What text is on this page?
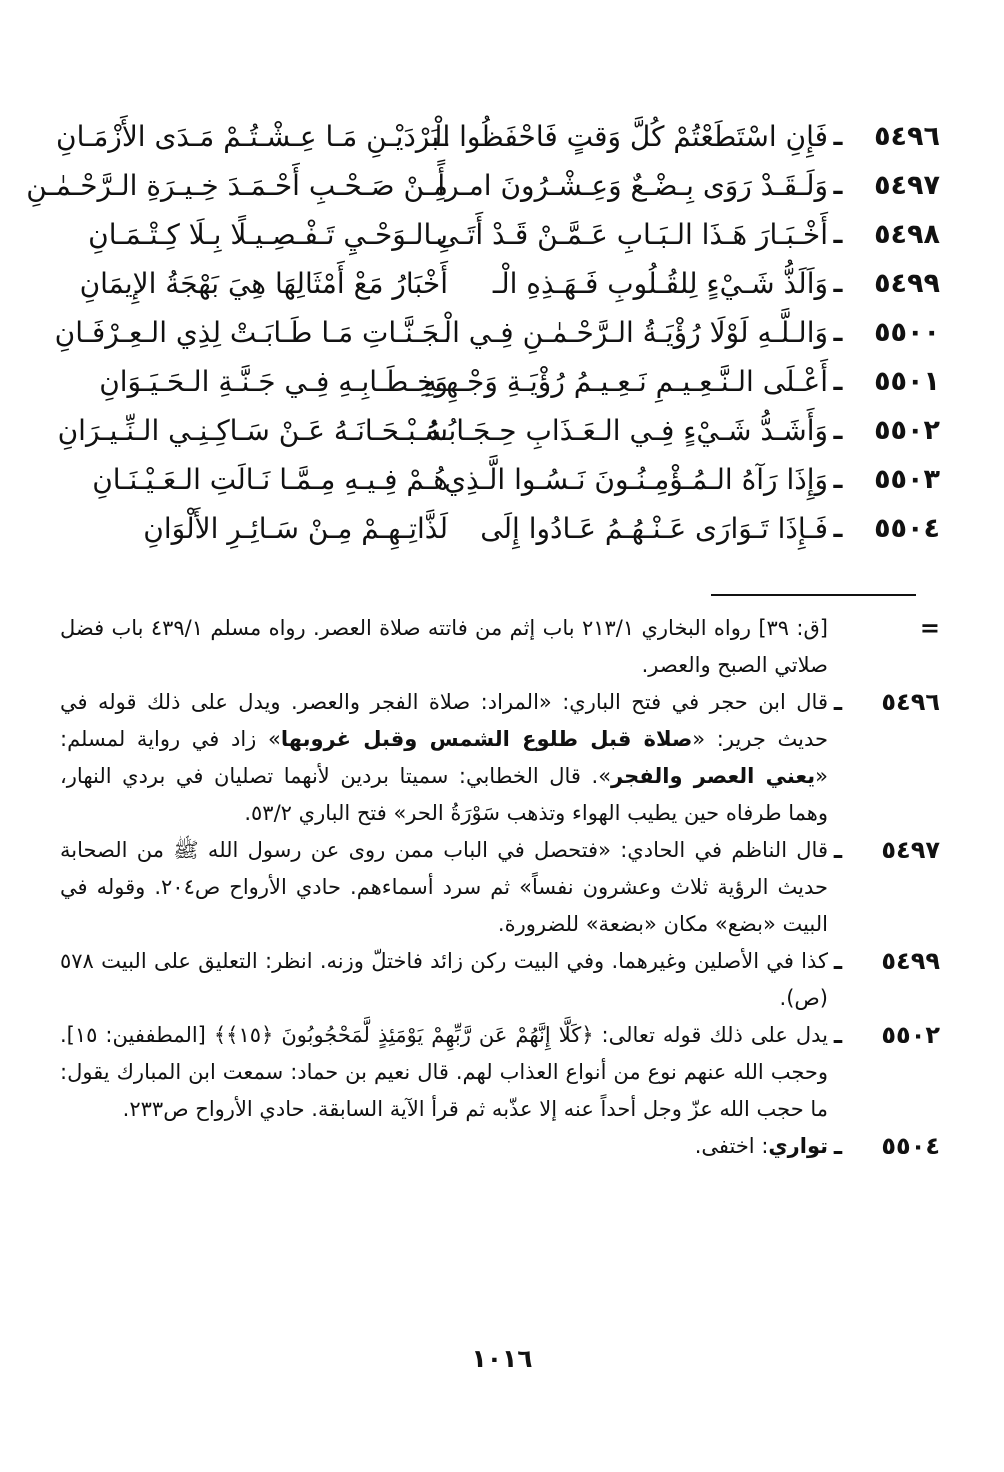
٥٤٩٦
ـ
فَإِنِ اسْتَطَعْتُمْ كُلَّ وَقتٍ فَاحْفَظُوا الْـ
ـبَرْدَيْـنِ مَـا عِـشْـتُـمْ مَـدَى الأَزْمَـانِ
٥٤٩٧
ـ
وَلَـقَـدْ رَوَى بِـضْـعٌ وَعِـشْـرُونَ امـرأً
مِـنْ صَـحْـبِ أَحْـمَـدَ خِـيـرَةِ الـرَّحْـمٰـنِ
٥٤٩٨
ـ
أَخْـبَـارَ هَـذَا الـبَـابِ عَـمَّـنْ قَـدْ أَتَـى
بِـالـوَحْـيِ تَـفْـصِـيـلًا بِـلَا كِـتْـمَـانِ
٥٤٩٩
ـ
وَاَلَذُّ شَـيْءٍ لِلقُـلُوبِ فَـهَـذِهِ الْـ
أَخْبَارُ مَعْ أَمْثَالِهَا هِيَ بَهْجَةُ الإِيمَانِ
٥٥٠٠
ـ
وَالـلَّـهِ لَوْلَا رُؤْيَـةُ الـرَّحْـمٰـنِ فِـي الْـ
ـجَـنَّـاتِ مَـا طَـابَـتْ لِذِي الـعِـرْفَـانِ
٥٥٠١
ـ
أَعْـلَى الـنَّـعِـيـمِ نَـعِـيـمُ رُؤْيَـةِ وَجْـهِـهِ
وَخِـطَـابِـهِ فِـي جَـنَّـةِ الـحَـيَـوَانِ
٥٥٠٢
ـ
وَأَشَـدُّ شَـيْءٍ فِـي الـعَـذَابِ حِـجَـابُـهُ
سُـبْـحَـانَـهُ عَـنْ سَـاكِـنِـي الـنِّـيـرَانِ
٥٥٠٣
ـ
وَإِذَا رَآهُ الـمُـؤْمِـنُـونَ نَـسُـوا الَّـذِي
هُـمْ فِـيـهِ مِـمَّـا نَـالَتِ الـعَـيْـنَـانِ
٥٥٠٤
ـ
فَـإِذَا تَـوَارَى عَـنْـهُـمُ عَـادُوا إِلَى
لَذَّاتِـهِـمْ مِـنْ سَـائِـرِ الأَلْوَانِ
=

[ق: ٣٩] رواه البخاري ٢١٣/١ باب إثم من فاتته صلاة العصر. رواه مسلم ٤٣٩/١ باب فضل صلاتي الصبح والعصر.

٥٤٩٦
ـ

قال ابن حجر في فتح الباري: «المراد: صلاة الفجر والعصر. ويدل على ذلك قوله في حديث جرير: «صلاة قبل طلوع الشمس وقبل غروبها» زاد في رواية لمسلم: «يعني العصر والفجر». قال الخطابي: سميتا بردين لأنهما تصليان في بردي النهار، وهما طرفاه حين يطيب الهواء وتذهب سَوْرَةُ الحر» فتح الباري ٥٣/٢.

٥٤٩٧
ـ

قال الناظم في الحادي: «فتحصل في الباب ممن روى عن رسول الله ﷺ من الصحابة حديث الرؤية ثلاث وعشرون نفساً» ثم سرد أسماءهم. حادي الأرواح ص٢٠٤. وقوله في البيت «بضع» مكان «بضعة» للضرورة.

٥٤٩٩
ـ

كذا في الأصلين وغيرهما. وفي البيت ركن زائد فاختلّ وزنه. انظر: التعليق على البيت ٥٧٨ (ص).

٥٥٠٢
ـ

يدل على ذلك قوله تعالى: ﴿كَلَّا إِنَّهُمْ عَن رَّبِّهِمْ يَوْمَئِذٍ لَّمَحْجُوبُونَ ﴿١٥﴾﴾ [المطففين: ١٥]. وحجب الله عنهم نوع من أنواع العذاب لهم. قال نعيم بن حماد: سمعت ابن المبارك يقول: ما حجب الله عزّ وجل أحداً عنه إلا عذّبه ثم قرأ الآية السابقة. حادي الأرواح ص٢٣٣.

٥٥٠٤
ـ

تواري: اختفى.

١٠١٦
